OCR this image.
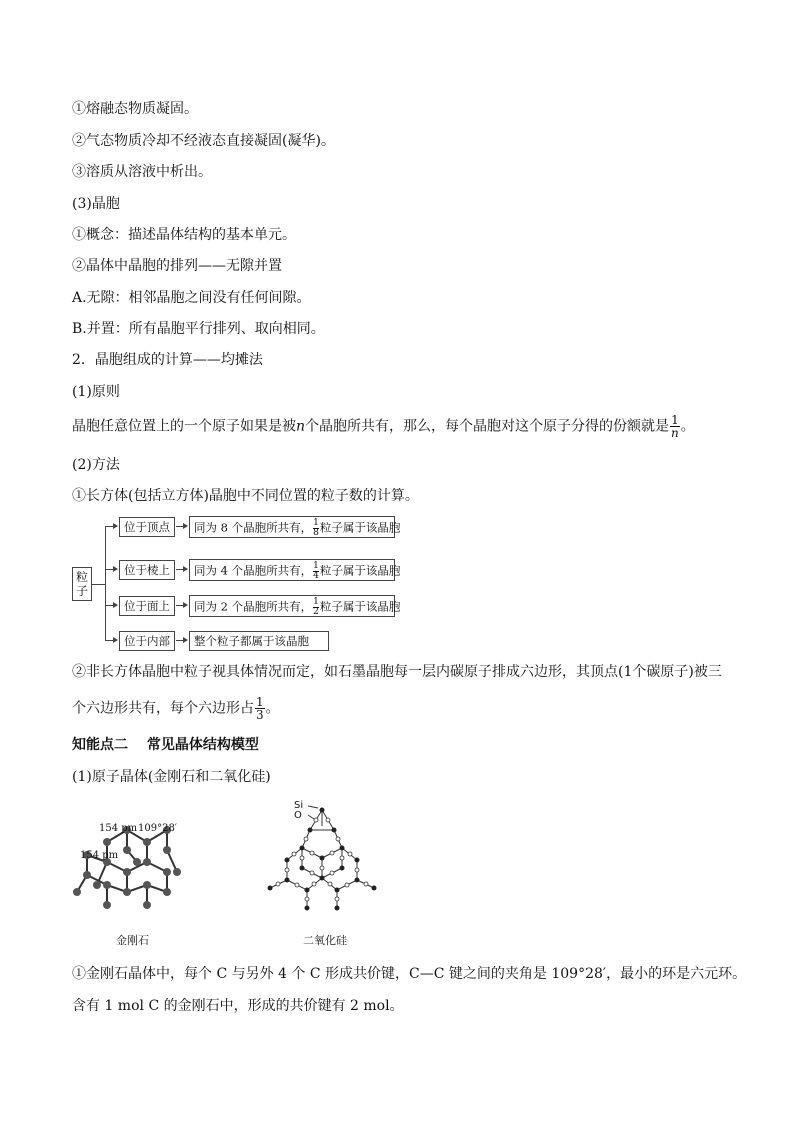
①熔融态物质凝固。
②气态物质冷却不经液态直接凝固(凝华)。
③溶质从溶液中析出。
(3)晶胞
①概念：描述晶体结构的基本单元。
②晶体中晶胞的排列——无隙并置
A.无隙：相邻晶胞之间没有任何间隙。
B.并置：所有晶胞平行排列、取向相同。
2．晶胞组成的计算——均摊法
(1)原则
晶胞任意位置上的一个原子如果是被n个晶胞所共有，那么，每个晶胞对这个原子分得的份额就是 $\frac{1}{n}$ 。
(2)方法
①长方体(包括立方体)晶胞中不同位置的粒子数的计算。
粒子
位于顶点	同为 8 个晶胞所共有， $\frac{1}{8}$ 粒子属于该晶胞
位于棱上	同为 4 个晶胞所共有， $\frac{1}{4}$ 粒子属于该晶胞
位于面上	同为 2 个晶胞所共有， $\frac{1}{2}$ 粒子属于该晶胞
位于内部	整个粒子都属于该晶胞
②非长方体晶胞中粒子视具体情况而定，如石墨晶胞每一层内碳原子排成六边形，其顶点(1个碳原子)被三
个六边形共有，每个六边形占 $\frac{1}{3}$ 。
知能点二　 常见晶体结构模型
(1)原子晶体(金刚石和二氧化硅)
154 pm 109°28′
154 pm
金刚石
Si
O
二氧化硅
①金刚石晶体中，每个 C 与另外 4 个 C 形成共价键，C—C 键之间的夹角是 109°28′，最小的环是六元环。
含有 1 mol C 的金刚石中，形成的共价键有 2 mol。
